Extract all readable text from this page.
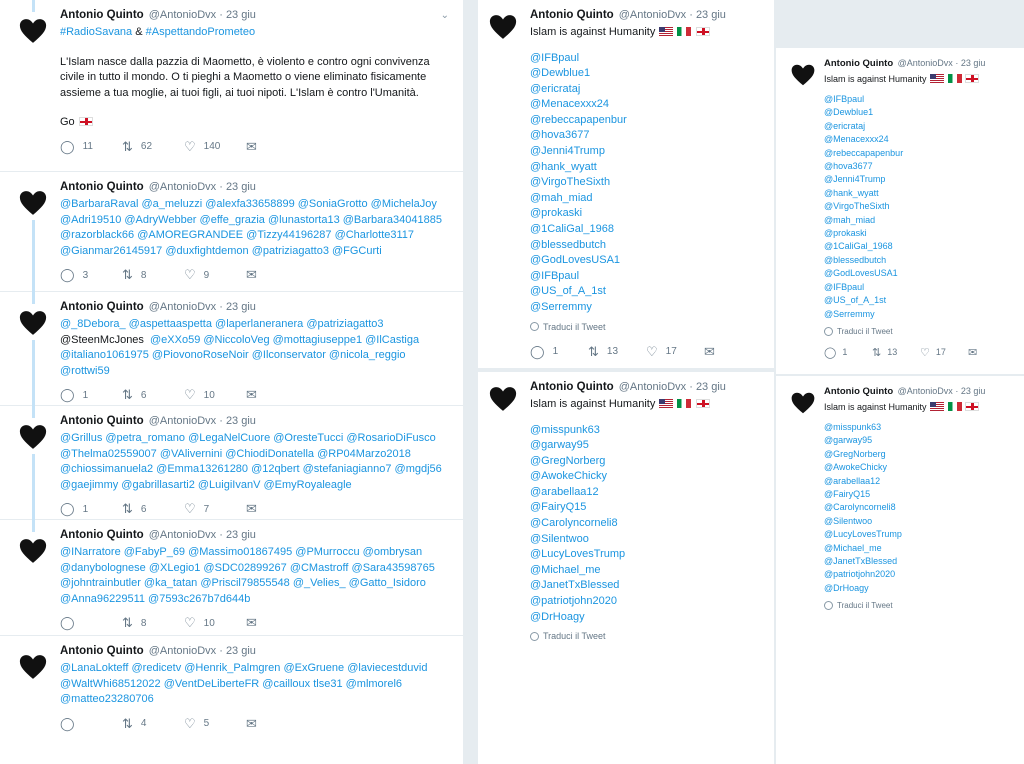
⌄
Antonio Quinto @AntonioDvx · 23 giu
#RadioSavana & #AspettandoPrometeo
L'Islam nasce dalla pazzia di Maometto, è violento e contro ogni convivenza civile in tutto il mondo. O ti pieghi a Maometto o viene eliminato fisicamente assieme a tua moglie, ai tuoi figli, ai tuoi nipoti. L'Islam è contro l'Umanità.
Go
◯ 11 ⇅ 62 ♡ 140 ✉
Antonio Quinto @AntonioDvx · 23 giu
@BarbaraRaval @a_meluzzi @alexfa33658899 @SoniaGrotto @MichelaJoy @Adri19510 @AdryWebber @effe_grazia @lunastorta13 @Barbara34041885 @razorblack66 @AMOREGRANDEE @Tizzy44196287 @Charlotte3117 @Gianmar26145917 @duxfightdemon @patriziagatto3 @FGCurti
◯ 3	⇅ 8	♡ 9	✉
Antonio Quinto @AntonioDvx · 23 giu
@_8Debora_ @aspettaaspetta @laperlaneranera @patriziagatto3 @SteenMcJones @eXXo59 @NiccoloVeg @mottagiuseppe1 @IlCastiga @italiano1061975 @PiovonoRoseNoir @Ilconservator @nicola_reggio @rottwi59
◯ 1	⇅ 6	♡ 10 ✉
Antonio Quinto @AntonioDvx · 23 giu
@Grillus @petra_romano @LegaNelCuore @OresteTucci @RosarioDiFusco @Thelma02559007 @VAlivernini @ChiodiDonatella @RP04Marzo2018 @chiossimanuela2 @Emma13261280 @12qbert @stefaniagianno7 @mgdj56 @gaejimmy @gabrillasarti2 @LuigiIvanV @EmyRoyaleagle
◯ 1	⇅ 6	♡ 7	✉
Antonio Quinto @AntonioDvx · 23 giu
@INarratore @FabyP_69 @Massimo01867495 @PMurroccu @ombrysan @danybolognese @XLegio1 @SDC02899267 @CMastroff @Sara43598765 @johntrainbutler @ka_tatan @Priscil79855548 @_Velies_ @Gatto_Isidoro @Anna96229511 @7593c267b7d644b
◯	⇅ 8	♡ 10 ✉
Antonio Quinto @AntonioDvx · 23 giu
@LanaLokteff @redicetv @Henrik_Palmgren @ExGruene @laviecestduvid @WaltWhi68512022 @VentDeLiberteFR @cailloux tlse31 @mlmorel6 @matteo23280706
◯	⇅ 4	♡ 5	✉
Antonio Quinto @AntonioDvx · 23 giu
Islam is against Humanity
@IFBpaul
@Dewblue1
@ericrataj
@Menacexxx24
@rebeccapapenbur
@hova3677
@Jenni4Trump
@hank_wyatt
@VirgoTheSixth
@mah_miad
@prokaski
@1CaliGal_1968
@blessedbutch
@GodLovesUSA1
@IFBpaul
@US_of_A_1st
@Serremmy
Traduci il Tweet
◯ 1 ⇅ 13 ♡ 17 ✉
Antonio Quinto @AntonioDvx · 23 giu
Islam is against Humanity
@misspunk63
@garway95
@GregNorberg
@AwokeChicky
@arabellaa12
@FairyQ15
@Carolyncorneli8
@Silentwoo
@LucyLovesTrump
@Michael_me
@JanetTxBlessed
@patriotjohn2020
@DrHoagy
Traduci il Tweet
Antonio Quinto @AntonioDvx · 23 giu
Islam is against Humanity
@IFBpaul
@Dewblue1
@ericrataj
@Menacexxx24
@rebeccapapenbur
@hova3677
@Jenni4Trump
@hank_wyatt
@VirgoTheSixth
@mah_miad
@prokaski
@1CaliGal_1968
@blessedbutch
@GodLovesUSA1
@IFBpaul
@US_of_A_1st
@Serremmy
Traduci il Tweet
◯ 1 ⇅ 13 ♡ 17 ✉
Antonio Quinto @AntonioDvx · 23 giu
Islam is against Humanity
@misspunk63
@garway95
@GregNorberg
@AwokeChicky
@arabellaa12
@FairyQ15
@Carolyncorneli8
@Silentwoo
@LucyLovesTrump
@Michael_me
@JanetTxBlessed
@patriotjohn2020
@DrHoagy
Traduci il Tweet
